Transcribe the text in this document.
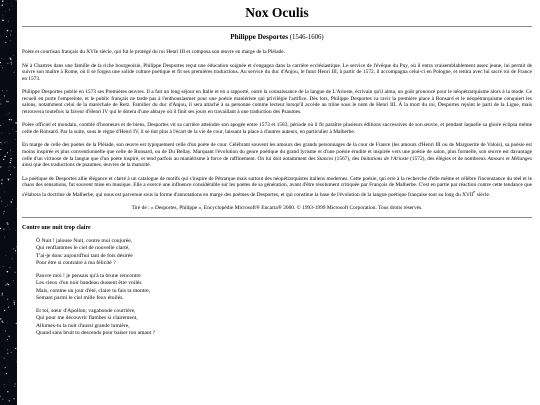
Nox Oculis
Philippe Desportes (1546-1606)

Poète et courtisan français du XVIe siècle, qui fut le protégé du roi Henri III et composa son œuvre en marge de la Pléiade.

Né à Chartres dans une famille de la riche bourgeoisie, Philippe Desportes reçut une éducation soignée et s'engagea dans la carrière ecclésiastique. Le service de l'évêque du Puy, où il entra vraisemblablement assez jeune, lui permit de suivre son maître à Rome, où il se forgea une solide culture poétique et fit ses premières traductions. Au service du duc d'Anjou, le futur Henri III, à partir de 1572, il accompagna celui-ci en Pologne, et rentra avec lui sacré roi de France en 1573.

Philippe Desportes publie en 1573 ses Premières œuvres. Il a fait un long séjour en Italie et en a rapporté, outre la connaissance de la langue de L'Arioste, écrivain qu'il aima, un goût prononcé pour le néopétrarquisme alors à la mode. Ce recueil en porte l'empreinte, et le public français ne tarde pas à l'enthousiasmer pour une poésie maniériste qui privilégie l'artifice. Dès lors, Philippe Desportes va ravir la première place à Ronsard et le néopétrarquisme conquiert les salons, notamment celui de la maréchale de Retz. Familier du duc d'Anjou, il sera attaché à sa personne comme lecteur lorsqu'il accède au trône sous le nom de Henri III. À la mort du roi, Desportes rejoint le parti de la Ligue, mais retrouvera toutefois la faveur d'Henri IV qui le dotera d'une abbaye où il finit ses jours en travaillant à une traduction des Psaumes.

Poète officiel et mondain, comblé d'honneurs et de biens, Desportes vit sa carrière atteindre son apogée entre 1573 et 1583, période où il fit paraître plusieurs éditions successives de son œuvre, et pendant laquelle sa gloire éclipsa même celle de Ronsard. Par la suite, sous le règne d'Henri IV, il se tint plus à l'écart de la vie de cour, laissant la place à d'autres auteurs, en particulier à Malherbe.

En marge de celle des poètes de la Pléiade, son œuvre est typiquement celle d'un poète de cour. Célébrant souvent les amours des grands personnages de la cour de France (les amours d'Henri III ou de Marguerite de Valois), sa poésie est moins inspirée et plus conventionnelle que celle de Ronsard, ou de Du Bellay. Marquant l'évolution du genre poétique du grand lyrisme et d'une poésie érudite et inspirée vers une poésie de salon, plus formelle, son œuvre est davantage celle d'un virtuose de la langue que d'un poète inspiré, et tend parfois au maniérisme à force de raffinement. On lui doit notamment des Stances (1567), des Imitations de l'Arioste (1572), des élégies et de nombreux Amours et Mélanges ainsi que des traductions de psaumes, œuvres de la maturité.

La poétique de Desportes allie élégance et clarté à un catalogue de motifs qui s'inspire de Pétrarque mais surtout des néopétrarquistes italiens modernes. Cette poésie, qui erre à la recherche d'elle même et célèbre l'inconstance du réel et le chaos des sensations, fut souvent mise en musique. Elle a exercé une influence considérable sur les poètes de sa génération, avant d'être résolument critiquée par François de Malherbe. C'est en partie par réaction contre cette tendance que s'élabora la doctrine de Malherbe, qui nous est parvenue sous la forme d'annotations en marge des poèmes de Desportes, et qui constitue la base de l'évolution de la langue poétique française tout au long du XVIIe siècle.

Tiré de : « Desportes, Philippe », Encyclopédie Microsoft® Encarta® 2000. © 1993-1999 Microsoft Corporation. Tous droits réservés.

Contre une nuit trop claire
Ô Nuit ! jalouse Nuit, contre moi conjurée,
Qui renflammes le ciel de nouvelle clarté,
T'ai-je donc aujourd'hui tant de fois désirée
Pour être si contraire à ma félicité ?
Pauvre moi ! je pensais qu'à ta brune rencontre
Les cieux d'un noir bandeau dussent être voilés
Mais, comme un jour d'été, claire tu fais ta montre,
Semant parmi le ciel mille feux étoilés.
Et toi, sœur d'Apollon, vagabonde courrière,
Qui pour me découvrir flambes si clairement,
Allumes-tu la nuit d'aussi grande lumière,
Quand sans bruit tu descends pour baiser ton amant ?
